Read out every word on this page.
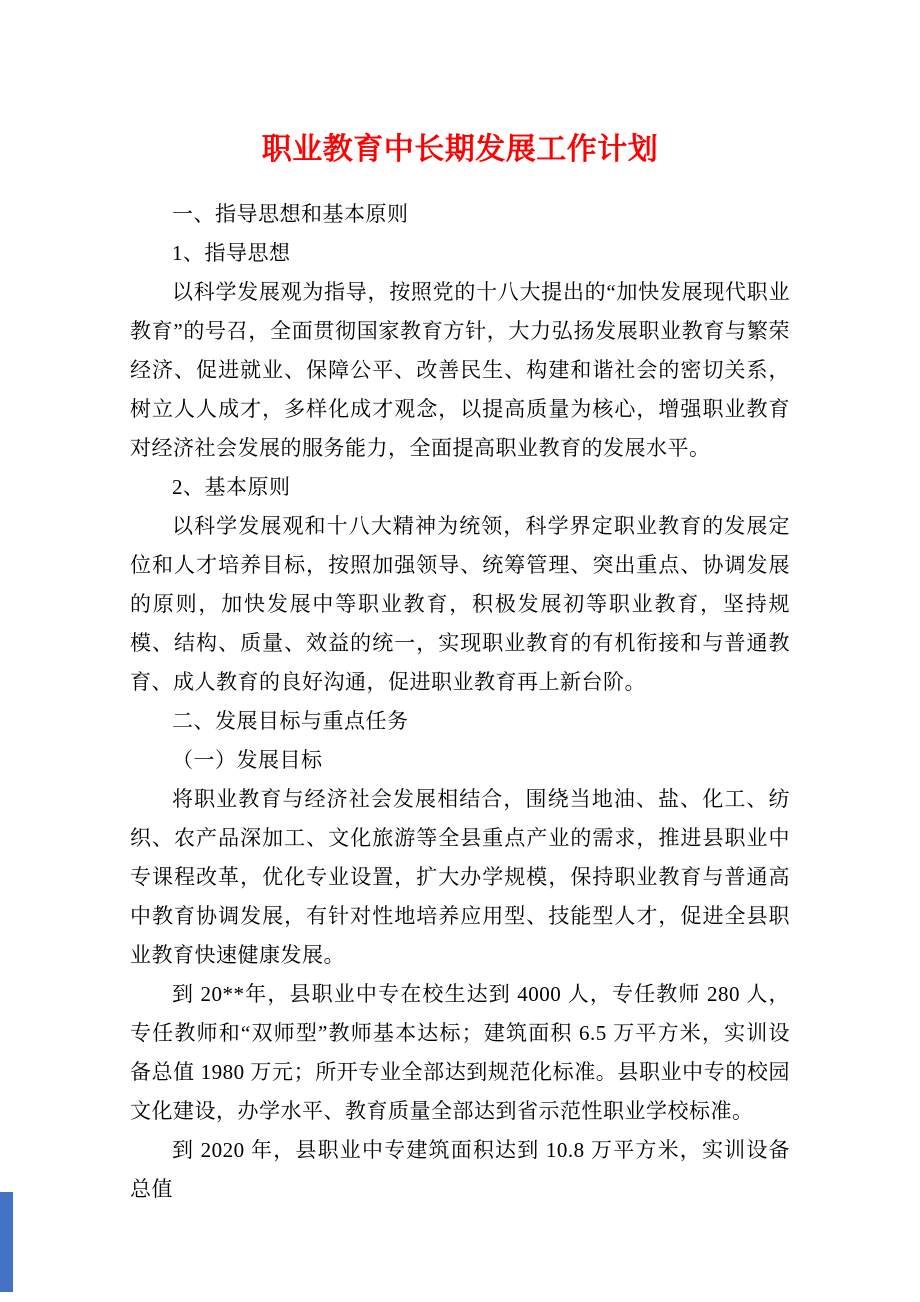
职业教育中长期发展工作计划

一、指导思想和基本原则

1、指导思想

以科学发展观为指导，按照党的十八大提出的“加快发展现代职业教育”的号召，全面贯彻国家教育方针，大力弘扬发展职业教育与繁荣经济、促进就业、保障公平、改善民生、构建和谐社会的密切关系，树立人人成才，多样化成才观念，以提高质量为核心，增强职业教育对经济社会发展的服务能力，全面提高职业教育的发展水平。

2、基本原则

以科学发展观和十八大精神为统领，科学界定职业教育的发展定位和人才培养目标，按照加强领导、统筹管理、突出重点、协调发展的原则，加快发展中等职业教育，积极发展初等职业教育，坚持规模、结构、质量、效益的统一，实现职业教育的有机衔接和与普通教育、成人教育的良好沟通，促进职业教育再上新台阶。

二、发展目标与重点任务

（一）发展目标

将职业教育与经济社会发展相结合，围绕当地油、盐、化工、纺织、农产品深加工、文化旅游等全县重点产业的需求，推进县职业中专课程改革，优化专业设置，扩大办学规模，保持职业教育与普通高中教育协调发展，有针对性地培养应用型、技能型人才，促进全县职业教育快速健康发展。

到 20**年，县职业中专在校生达到 4000 人，专任教师 280 人，专任教师和“双师型”教师基本达标；建筑面积 6.5 万平方米，实训设备总值 1980 万元；所开专业全部达到规范化标准。县职业中专的校园文化建设，办学水平、教育质量全部达到省示范性职业学校标准。

到 2020 年，县职业中专建筑面积达到 10.8 万平方米，实训设备总值
